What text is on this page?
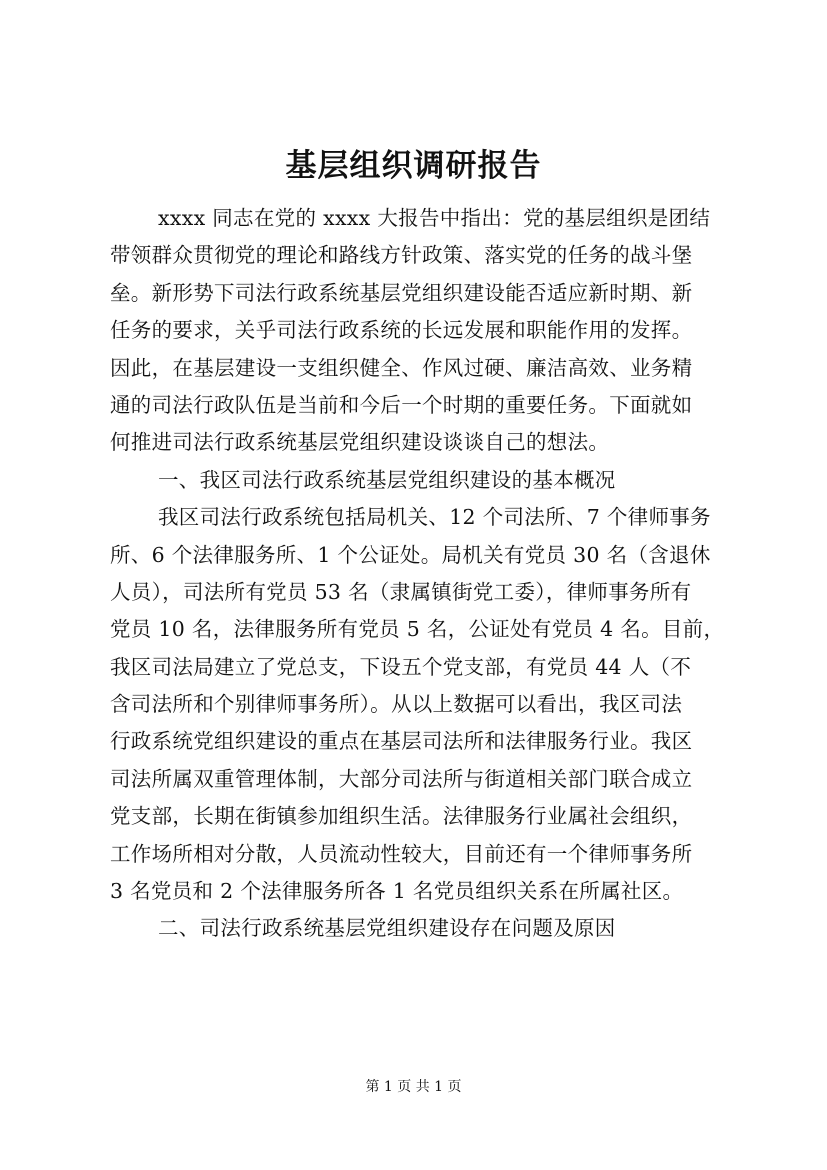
基层组织调研报告
xxxx 同志在党的 xxxx 大报告中指出：党的基层组织是团结
带领群众贯彻党的理论和路线方针政策、落实党的任务的战斗堡
垒。新形势下司法行政系统基层党组织建设能否适应新时期、新
任务的要求，关乎司法行政系统的长远发展和职能作用的发挥。
因此，在基层建设一支组织健全、作风过硬、廉洁高效、业务精
通的司法行政队伍是当前和今后一个时期的重要任务。下面就如
何推进司法行政系统基层党组织建设谈谈自己的想法。
一、我区司法行政系统基层党组织建设的基本概况
我区司法行政系统包括局机关、12 个司法所、7 个律师事务
所、6 个法律服务所、1 个公证处。局机关有党员 30 名（含退休
人员），司法所有党员 53 名（隶属镇街党工委），律师事务所有
党员 10 名，法律服务所有党员 5 名，公证处有党员 4 名。目前，
我区司法局建立了党总支，下设五个党支部，有党员 44 人（不
含司法所和个别律师事务所）。从以上数据可以看出，我区司法
行政系统党组织建设的重点在基层司法所和法律服务行业。我区
司法所属双重管理体制，大部分司法所与街道相关部门联合成立
党支部，长期在街镇参加组织生活。法律服务行业属社会组织，
工作场所相对分散，人员流动性较大，目前还有一个律师事务所
3 名党员和 2 个法律服务所各 1 名党员组织关系在所属社区。
二、司法行政系统基层党组织建设存在问题及原因
第 1 页 共 1 页
